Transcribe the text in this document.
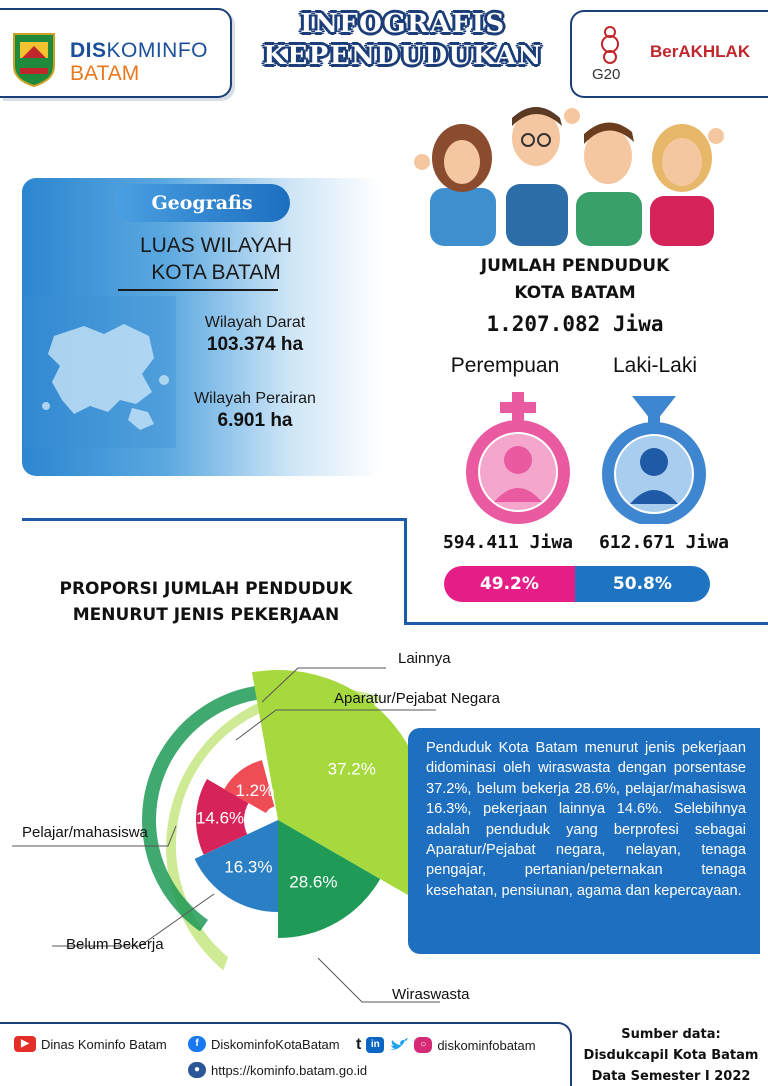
DISKOMINFO
BATAM
INFOGRAFIS
KEPENDUDUKAN
G20
BerAKHLAK
Geografis
LUAS WILAYAH
KOTA BATAM
Wilayah Darat
103.374 ha
Wilayah Perairan
6.901 ha
JUMLAH PENDUDUK
KOTA BATAM
1.207.082 Jiwa
Perempuan	Laki-Laki
594.411 Jiwa	612.671 Jiwa
49.2%	50.8%
PROPORSI JUMLAH PENDUDUK
MENURUT JENIS PEKERJAAN
37.2%
28.6%
16.3%
14.6%
1.2%
Lainnya
Aparatur/Pejabat Negara
Pelajar/mahasiswa
Belum Bekerja
Wiraswasta
Penduduk Kota Batam menurut jenis pekerjaan didominasi oleh wiraswasta dengan porsentase 37.2%, belum bekerja 28.6%, pelajar/mahasiswa 16.3%, pekerjaan lainnya 14.6%. Selebihnya adalah penduduk yang berprofesi sebagai Aparatur/Pejabat negara, nelayan, tenaga pengajar, pertanian/peternakan tenaga kesehatan, pensiunan, agama dan kepercayaan.
▶ Dinas Kominfo Batam	f DiskominfoKotaBatam t in	○ diskominfobatam
● https://kominfo.batam.go.id
Sumber data:
Disdukcapil Kota Batam
Data Semester I 2022
